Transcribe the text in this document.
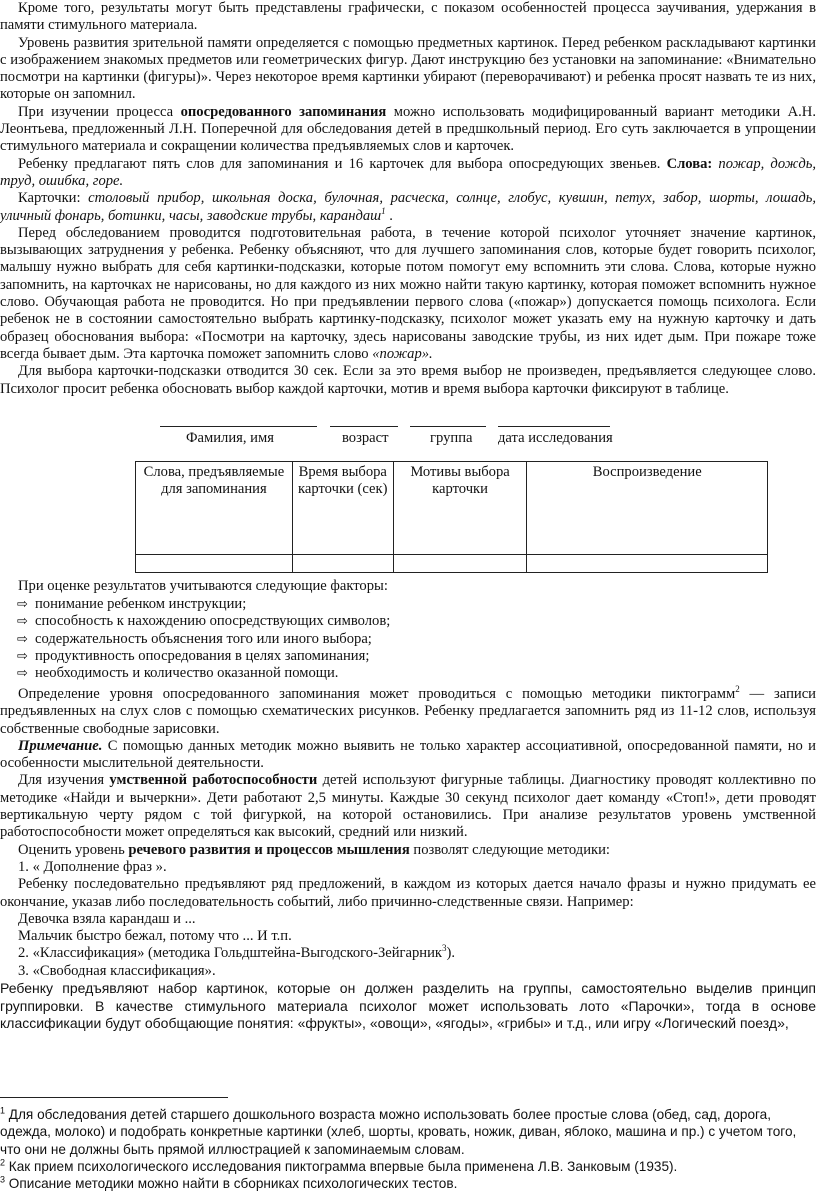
Кроме того, результаты могут быть представлены графически, с показом особенностей процесса заучивания, удержания в памяти стимульного материала.

Уровень развития зрительной памяти определяется с помощью предметных картинок. Перед ребенком раскладывают картинки с изображением знакомых предметов или геометрических фигур. Дают инструкцию без установки на запоминание: «Внимательно посмотри на картинки (фигуры)». Через некоторое время картинки убирают (переворачивают) и ребенка просят назвать те из них, которые он запомнил.

При изучении процесса опосредованного запоминания можно использовать модифицированный вариант методики А.Н. Леонтьева, предложенный Л.Н. Поперечной для обследования детей в предшкольный период. Его суть заключается в упрощении стимульного материала и сокращении количества предъявляемых слов и карточек.

Ребенку предлагают пять слов для запоминания и 16 карточек для выбора опосредующих звеньев. Слова: пожар, дождь, труд, ошибка, горе.

Карточки: столовый прибор, школьная доска, булочная, расческа, солнце, глобус, кувшин, петух, забор, шорты, лошадь, уличный фонарь, ботинки, часы, заводские трубы, карандаш$^1$ .

Перед обследованием проводится подготовительная работа, в течение которой психолог уточняет значение картинок, вызывающих затруднения у ребенка. Ребенку объясняют, что для лучшего запоминания слов, которые будет говорить психолог, малышу нужно выбрать для себя картинки-подсказки, которые потом помогут ему вспомнить эти слова. Слова, которые нужно запомнить, на карточках не нарисованы, но для каждого из них можно найти такую картинку, которая поможет вспомнить нужное слово. Обучающая работа не проводится. Но при предъявлении первого слова («пожар») допускается помощь психолога. Если ребенок не в состоянии самостоятельно выбрать картинку-подсказку, психолог может указать ему на нужную карточку и дать образец обоснования выбора: «Посмотри на карточку, здесь нарисованы заводские трубы, из них идет дым. При пожаре тоже всегда бывает дым. Эта карточка поможет запомнить слово «пожар».

Для выбора карточки-подсказки отводится 30 сек. Если за это время выбор не произведен, предъявляется следующее слово. Психолог просит ребенка обосновать выбор каждой карточки, мотив и время выбора карточки фиксируют в таблице.

Фамилия, имя	возраст	группа дата исследования
Слова, предъявляемые для запоминания	Время выбора карточки (сек)	Мотивы выбора карточки	Воспроизведение

При оценке результатов учитываются следующие факторы:

⇨ понимание ребенком инструкции;
⇨ способность к нахождению опосредствующих символов;
⇨ содержательность объяснения того или иного выбора;
⇨ продуктивность опосредования в целях запоминания;
⇨ необходимость и количество оказанной помощи.

Определение уровня опосредованного запоминания может проводиться с помощью методики пиктограмм$^2$ — записи предъявленных на слух слов с помощью схематических рисунков. Ребенку предлагается запомнить ряд из 11-12 слов, используя собственные свободные зарисовки.

Примечание. С помощью данных методик можно выявить не только характер ассоциативной, опосредованной памяти, но и особенности мыслительной деятельности.

Для изучения умственной работоспособности детей используют фигурные таблицы. Диагностику проводят коллективно по методике «Найди и вычеркни». Дети работают 2,5 минуты. Каждые 30 секунд психолог дает команду «Стоп!», дети проводят вертикальную черту рядом с той фигуркой, на которой остановились. При анализе результатов уровень умственной работоспособности может определяться как высокий, средний или низкий.

Оценить уровень речевого развития и процессов мышления позволят следующие методики:

1. « Дополнение фраз ».

Ребенку последовательно предъявляют ряд предложений, в каждом из которых дается начало фразы и нужно придумать ее окончание, указав либо последовательность событий, либо причинно-следственные связи. Например:

Девочка взяла карандаш и ...

Мальчик быстро бежал, потому что ... И т.п.

2. «Классификация» (методика Гольдштейна-Выгодского-Зейгарник$^3$).

3. «Свободная классификация».

Ребенку предъявляют набор картинок, которые он должен разделить на группы, самостоятельно выделив принцип группировки. В качестве стимульного материала психолог может использовать лото «Парочки», тогда в основе классификации будут обобщающие понятия: «фрукты», «овощи», «ягоды», «грибы» и т.д., или игру «Логический поезд»,

$^1$ Для обследования детей старшего дошкольного возраста можно использовать более простые слова (обед, сад, дорога, одежда, молоко) и подобрать конкретные картинки (хлеб, шорты, кровать, ножик, диван, яблоко, машина и пр.) с учетом того, что они не должны быть прямой иллюстрацией к запоминаемым словам.

$^2$ Как прием психологического исследования пиктограмма впервые была применена Л.В. Занковым (1935).

$^3$ Описание методики можно найти в сборниках психологических тестов.
